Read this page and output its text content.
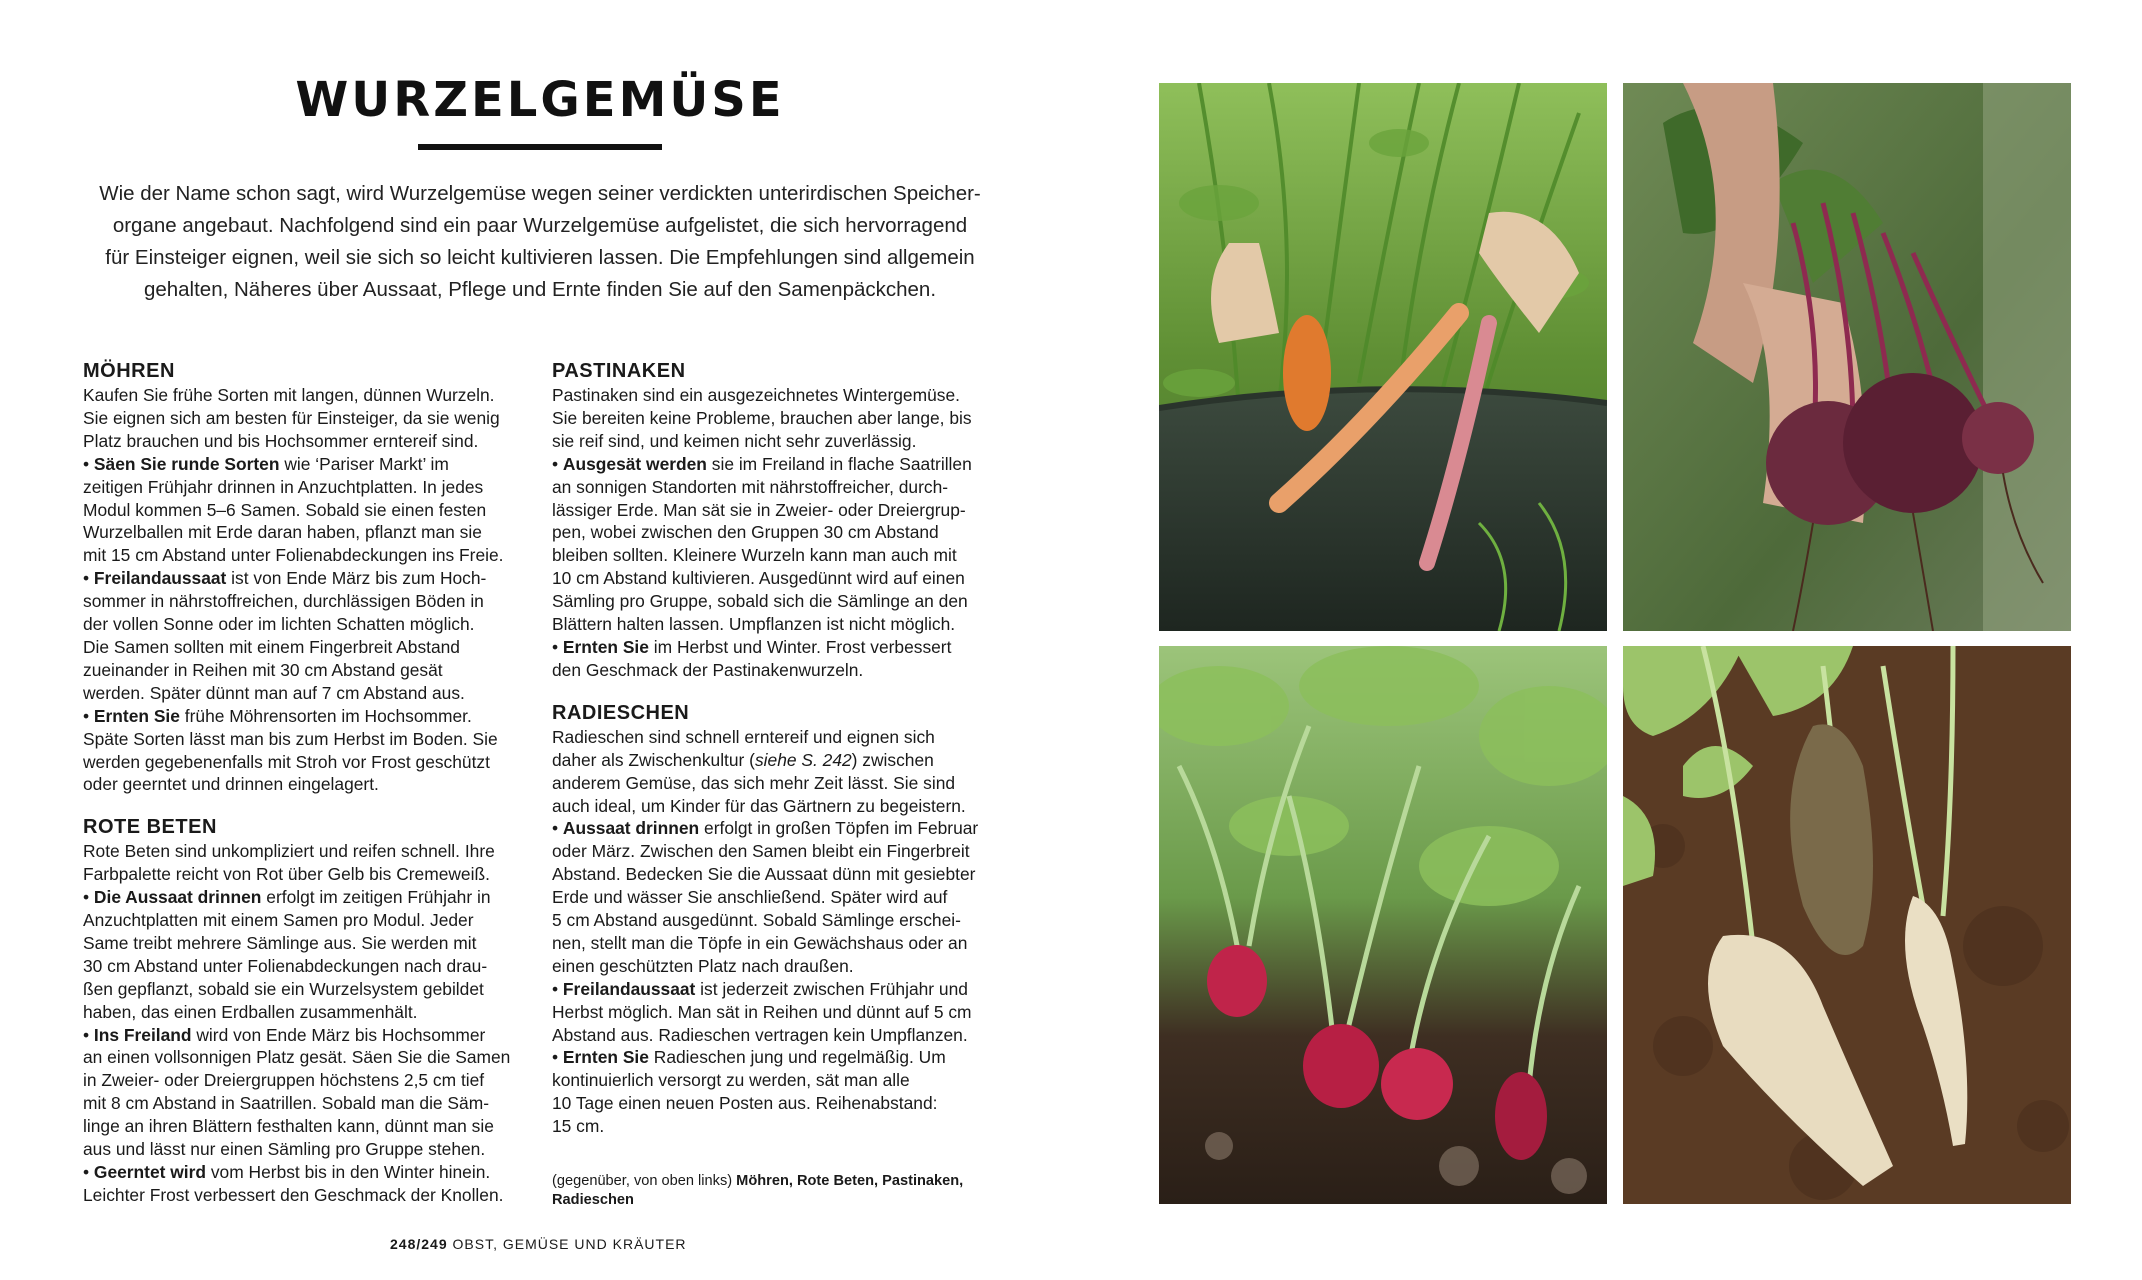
WURZELGEMÜSE
Wie der Name schon sagt, wird Wurzelgemüse wegen seiner verdickten unterirdischen Speicher-
organe angebaut. Nachfolgend sind ein paar Wurzelgemüse aufgelistet, die sich hervorragend
für Einsteiger eignen, weil sie sich so leicht kultivieren lassen. Die Empfehlungen sind allgemein
gehalten, Näheres über Aussaat, Pflege und Ernte finden Sie auf den Samenpäckchen.
MÖHREN
Kaufen Sie frühe Sorten mit langen, dünnen Wurzeln.
Sie eignen sich am besten für Einsteiger, da sie wenig
Platz brauchen und bis Hochsommer erntereif sind.
• Säen Sie runde Sorten wie ‘Pariser Markt’ im
zeitigen Frühjahr drinnen in Anzuchtplatten. In jedes
Modul kommen 5–6 Samen. Sobald sie einen festen
Wurzelballen mit Erde daran haben, pflanzt man sie
mit 15 cm Abstand unter Folienabdeckungen ins Freie.
• Freilandaussaat ist von Ende März bis zum Hoch-
sommer in nährstoffreichen, durchlässigen Böden in
der vollen Sonne oder im lichten Schatten möglich.
Die Samen sollten mit einem Fingerbreit Abstand
zueinander in Reihen mit 30 cm Abstand gesät
werden. Später dünnt man auf 7 cm Abstand aus.
• Ernten Sie frühe Möhrensorten im Hochsommer.
Späte Sorten lässt man bis zum Herbst im Boden. Sie
werden gegebenenfalls mit Stroh vor Frost geschützt
oder geerntet und drinnen eingelagert.
ROTE BETEN
Rote Beten sind unkompliziert und reifen schnell. Ihre
Farbpalette reicht von Rot über Gelb bis Cremeweiß.
• Die Aussaat drinnen erfolgt im zeitigen Frühjahr in
Anzuchtplatten mit einem Samen pro Modul. Jeder
Same treibt mehrere Sämlinge aus. Sie werden mit
30 cm Abstand unter Folienabdeckungen nach drau-
ßen gepflanzt, sobald sie ein Wurzelsystem gebildet
haben, das einen Erdballen zusammenhält.
• Ins Freiland wird von Ende März bis Hochsommer
an einen vollsonnigen Platz gesät. Säen Sie die Samen
in Zweier- oder Dreiergruppen höchstens 2,5 cm tief
mit 8 cm Abstand in Saatrillen. Sobald man die Säm-
linge an ihren Blättern festhalten kann, dünnt man sie
aus und lässt nur einen Sämling pro Gruppe stehen.
• Geerntet wird vom Herbst bis in den Winter hinein.
Leichter Frost verbessert den Geschmack der Knollen.
PASTINAKEN
Pastinaken sind ein ausgezeichnetes Wintergemüse.
Sie bereiten keine Probleme, brauchen aber lange, bis
sie reif sind, und keimen nicht sehr zuverlässig.
• Ausgesät werden sie im Freiland in flache Saatrillen
an sonnigen Standorten mit nährstoffreicher, durch-
lässiger Erde. Man sät sie in Zweier- oder Dreiergrup-
pen, wobei zwischen den Gruppen 30 cm Abstand
bleiben sollten. Kleinere Wurzeln kann man auch mit
10 cm Abstand kultivieren. Ausgedünnt wird auf einen
Sämling pro Gruppe, sobald sich die Sämlinge an den
Blättern halten lassen. Umpflanzen ist nicht möglich.
• Ernten Sie im Herbst und Winter. Frost verbessert
den Geschmack der Pastinakenwurzeln.
RADIESCHEN
Radieschen sind schnell erntereif und eignen sich
daher als Zwischenkultur (siehe S. 242) zwischen
anderem Gemüse, das sich mehr Zeit lässt. Sie sind
auch ideal, um Kinder für das Gärtnern zu begeistern.
• Aussaat drinnen erfolgt in großen Töpfen im Februar
oder März. Zwischen den Samen bleibt ein Fingerbreit
Abstand. Bedecken Sie die Aussaat dünn mit gesiebter
Erde und wässer Sie anschließend. Später wird auf
5 cm Abstand ausgedünnt. Sobald Sämlinge erschei-
nen, stellt man die Töpfe in ein Gewächshaus oder an
einen geschützten Platz nach draußen.
• Freilandaussaat ist jederzeit zwischen Frühjahr und
Herbst möglich. Man sät in Reihen und dünnt auf 5 cm
Abstand aus. Radieschen vertragen kein Umpflanzen.
• Ernten Sie Radieschen jung und regelmäßig. Um
kontinuierlich versorgt zu werden, sät man alle
10 Tage einen neuen Posten aus. Reihenabstand:
15 cm.
(gegenüber, von oben links) Möhren, Rote Beten, Pastinaken,
Radieschen
248/249 OBST, GEMÜSE UND KRÄUTER
